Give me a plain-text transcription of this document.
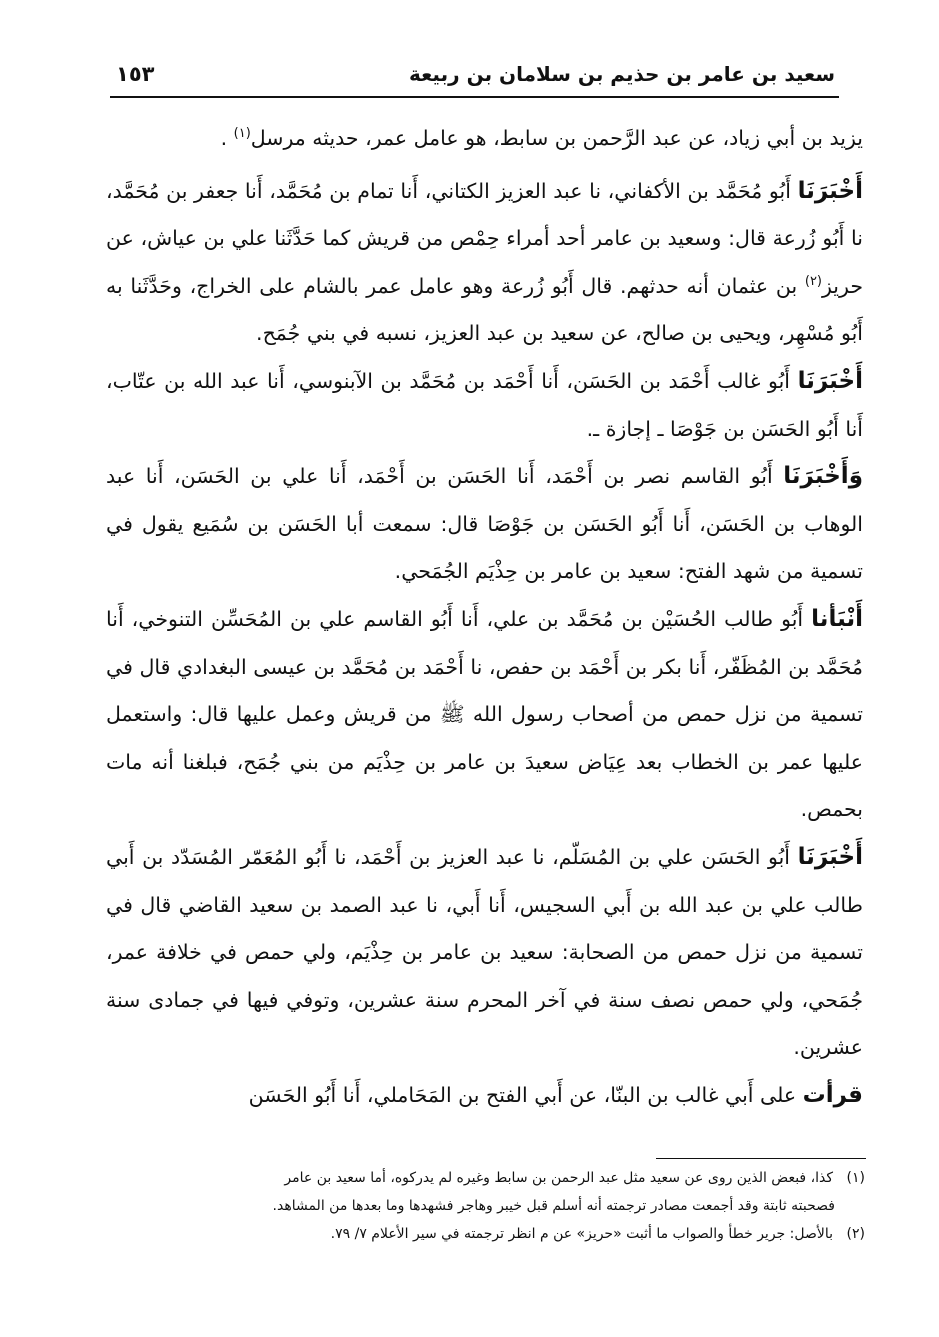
سعيد بن عامر بن حذيم بن سلامان بن ربيعة
١٥٣

يزيد بن أبي زياد، عن عبد الرَّحمن بن سابط، هو عامل عمر، حديثه مرسل$^{(١)}$ .

أَخْبَرَنَا أَبُو مُحَمَّد بن الأكفاني، نا عبد العزيز الكتاني، أَنا تمام بن مُحَمَّد، أَنا جعفر بن مُحَمَّد، نا أَبُو زُرعة قال: وسعيد بن عامر أحد أمراء حِمْص من قريش كما حَدَّثَنا علي بن عياش، عن حريز$^{(٢)}$ بن عثمان أنه حدثهم. قال أَبُو زُرعة وهو عامل عمر بالشام على الخراج، وحَدَّثَنا به أَبُو مُسْهِر، ويحيى بن صالح، عن سعيد بن عبد العزيز، نسبه في بني جُمَح.

أَخْبَرَنَا أَبُو غالب أَحْمَد بن الحَسَن، أَنا أَحْمَد بن مُحَمَّد بن الآبنوسي، أَنا عبد الله بن عتّاب، أَنا أَبُو الحَسَن بن جَوْصَا ـ إجازة ـ.

وَأَخْبَرَنَا أَبُو القاسم نصر بن أَحْمَد، أَنا الحَسَن بن أَحْمَد، أَنا علي بن الحَسَن، أَنا عبد الوهاب بن الحَسَن، أَنا أَبُو الحَسَن بن جَوْصَا قال: سمعت أبا الحَسَن بن سُمَيع يقول في تسمية من شهد الفتح: سعيد بن عامر بن حِذْيَم الجُمَحي.

أَنْبَأنا أَبُو طالب الحُسَيْن بن مُحَمَّد بن علي، أَنا أَبُو القاسم علي بن المُحَسِّن التنوخي، أَنا مُحَمَّد بن المُظَفّر، أَنا بكر بن أَحْمَد بن حفص، نا أَحْمَد بن مُحَمَّد بن عيسى البغدادي قال في تسمية من نزل حمص من أصحاب رسول الله ﷺ من قريش وعمل عليها قال: واستعمل عليها عمر بن الخطاب بعد عِيَاض سعيدَ بن عامر بن حِذْيَم من بني جُمَح، فبلغنا أنه مات بحمص.

أَخْبَرَنَا أَبُو الحَسَن علي بن المُسَلّم، نا عبد العزيز بن أَحْمَد، نا أَبُو المُعَمّر المُسَدّد بن أَبي طالب علي بن عبد الله بن أَبي السجيس، أَنا أَبي، نا عبد الصمد بن سعيد القاضي قال في تسمية من نزل حمص من الصحابة: سعيد بن عامر بن حِذْيَم، ولي حمص في خلافة عمر، جُمَحي، ولي حمص نصف سنة في آخر المحرم سنة عشرين، وتوفي فيها في جمادى سنة عشرين.

قرأت على أَبي غالب بن البنّا، عن أَبي الفتح بن المَحَاملي، أَنا أَبُو الحَسَن

(١)كذا، فبعض الذين روى عن سعيد مثل عبد الرحمن بن سابط وغيره لم يدركوه، أما سعيد بن عامر
فصحبته ثابتة وقد أجمعت مصادر ترجمته أنه أسلم قبل خيبر وهاجر فشهدها وما بعدها من المشاهد.

(٢)بالأصل: جرير خطأ والصواب ما أثبت «حريز» عن م انظر ترجمته في سير الأعلام ٧/ ٧٩.
